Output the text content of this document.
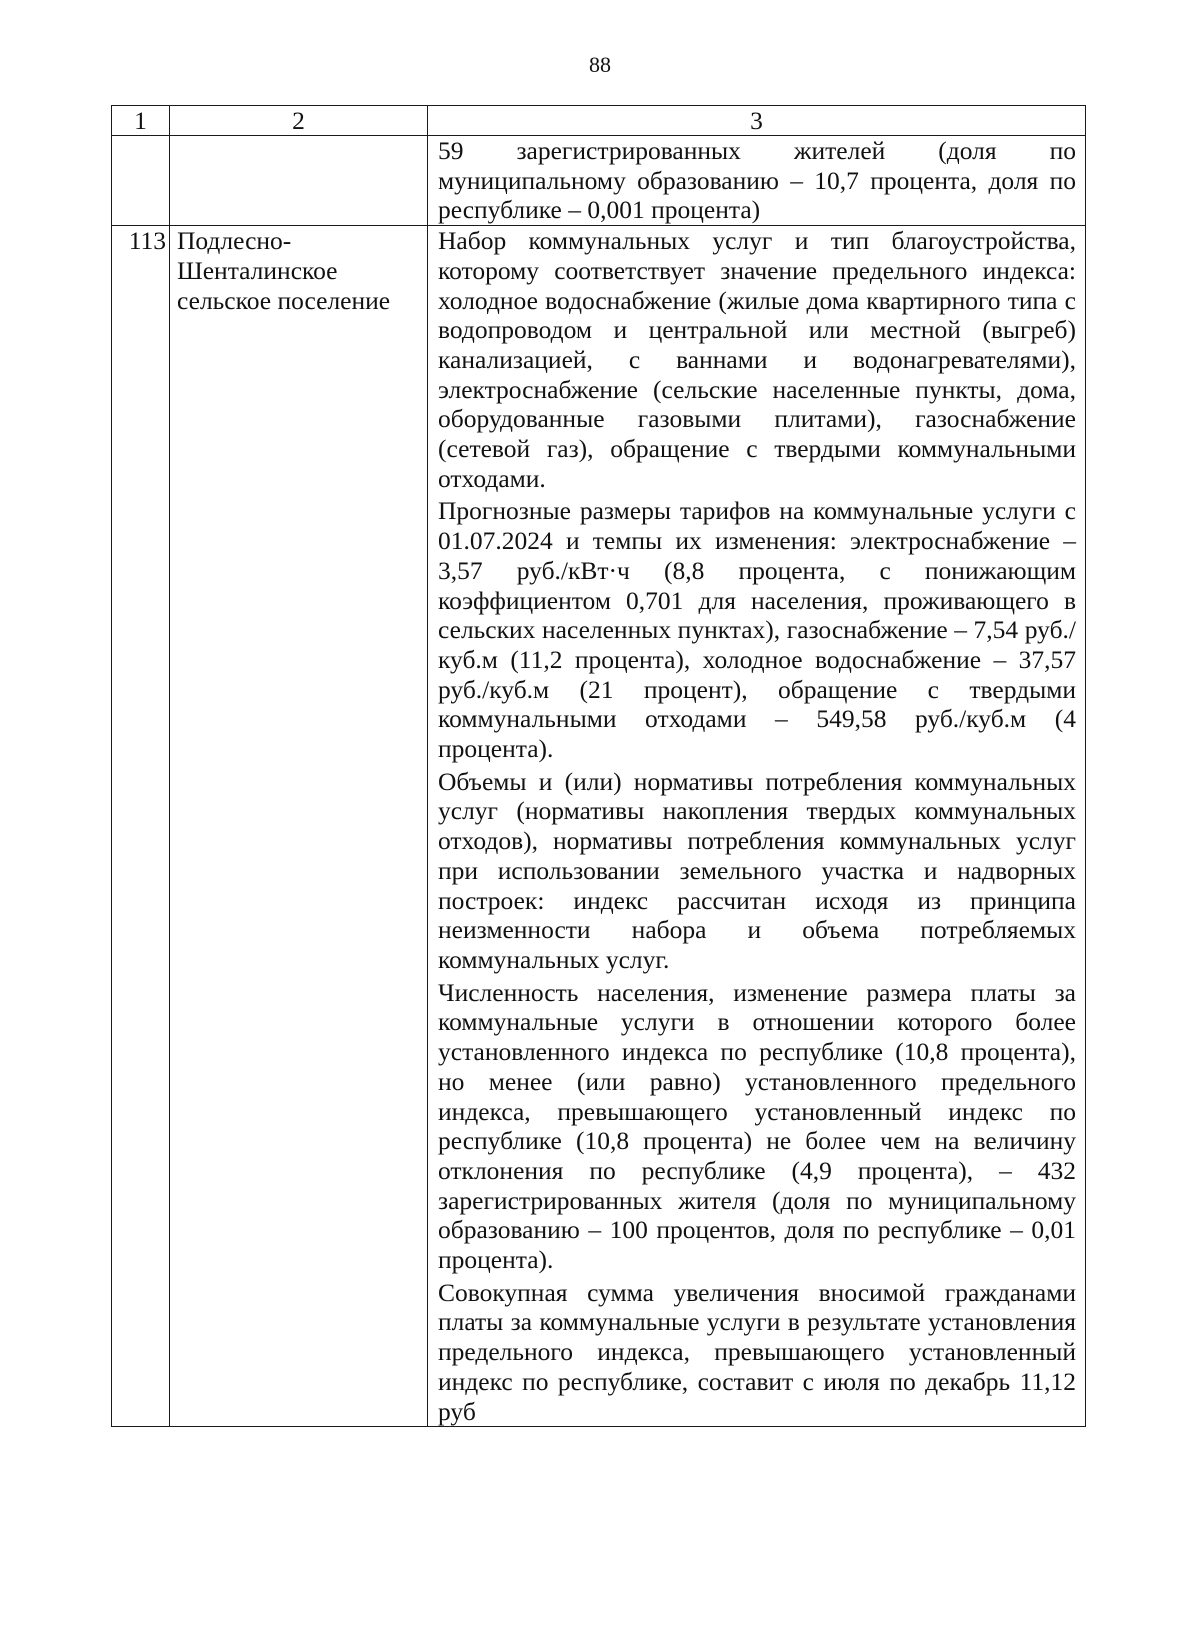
88
1	2	3

		59 зарегистрированных жителей (доля по муниципальному образованию – 10,7 процента, доля по республике – 0,001 процента)

113	Подлесно-Шенталинское сельское поселение	Набор коммунальных услуг и тип благоустройства, которому соответствует значение предельного индекса: холодное водоснабжение (жилые дома квартирного типа с водопроводом и центральной или местной (выгреб) канализацией, с ваннами и водонагревателями), электроснабжение (сельские населенные пункты, дома, оборудованные газовыми плитами), газоснабжение (сетевой газ), обращение с твердыми коммунальными отходами.

Прогнозные размеры тарифов на коммунальные услуги с 01.07.2024 и темпы их изменения: электроснабжение – 3,57 руб./кВт·ч (8,8 процента, с понижающим коэффициентом 0,701 для населения, проживающего в сельских населенных пунктах), газоснабжение – 7,54 руб./куб.м (11,2 процента), холодное водоснабжение – 37,57 руб./куб.м (21 процент), обращение с твердыми коммунальными отходами – 549,58 руб./куб.м (4 процента).

Объемы и (или) нормативы потребления коммунальных услуг (нормативы накопления твердых коммунальных отходов), нормативы потребления коммунальных услуг при использовании земельного участка и надворных построек: индекс рассчитан исходя из принципа неизменности набора и объема потребляемых коммунальных услуг.

Численность населения, изменение размера платы за коммунальные услуги в отношении которого более установленного индекса по республике (10,8 процента), но менее (или равно) установленного предельного индекса, превышающего установленный индекс по республике (10,8 процента) не более чем на величину отклонения по республике (4,9 процента), – 432 зарегистрированных жителя (доля по муниципальному образованию – 100 процентов, доля по республике – 0,01 процента).

Совокупная сумма увеличения вносимой гражданами платы за коммунальные услуги в результате установления предельного индекса, превышающего установленный индекс по республике, составит с июля по декабрь 11,12 руб
